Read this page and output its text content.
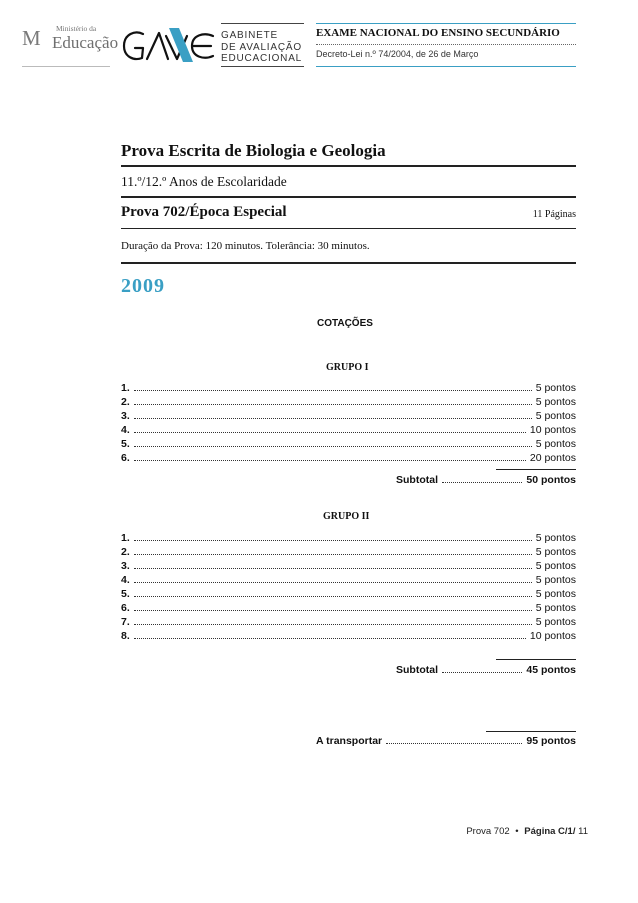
M Ministério da
Educação	GABINETE
DE AVALIAÇÃO
EDUCACIONAL
EXAME NACIONAL DO ENSINO SECUNDÁRIO
Decreto-Lei n.º 74/2004, de 26 de Março
Prova Escrita de Biologia e Geologia
11.º/12.º Anos de Escolaridade
Prova 702/Época Especial	11 Páginas
Duração da Prova: 120 minutos. Tolerância: 30 minutos.
2009
COTAÇÕES
GRUPO I
1.	5 pontos
2.	5 pontos
3.	5 pontos
4.	10 pontos
5.	5 pontos
6.	20 pontos
Subtotal	50 pontos
GRUPO II
1.	5 pontos
2.	5 pontos
3.	5 pontos
4.	5 pontos
5.	5 pontos
6.	5 pontos
7.	5 pontos
8.	10 pontos
Subtotal	45 pontos
A transportar	95 pontos
Prova 702 • Página C/1/ 11
